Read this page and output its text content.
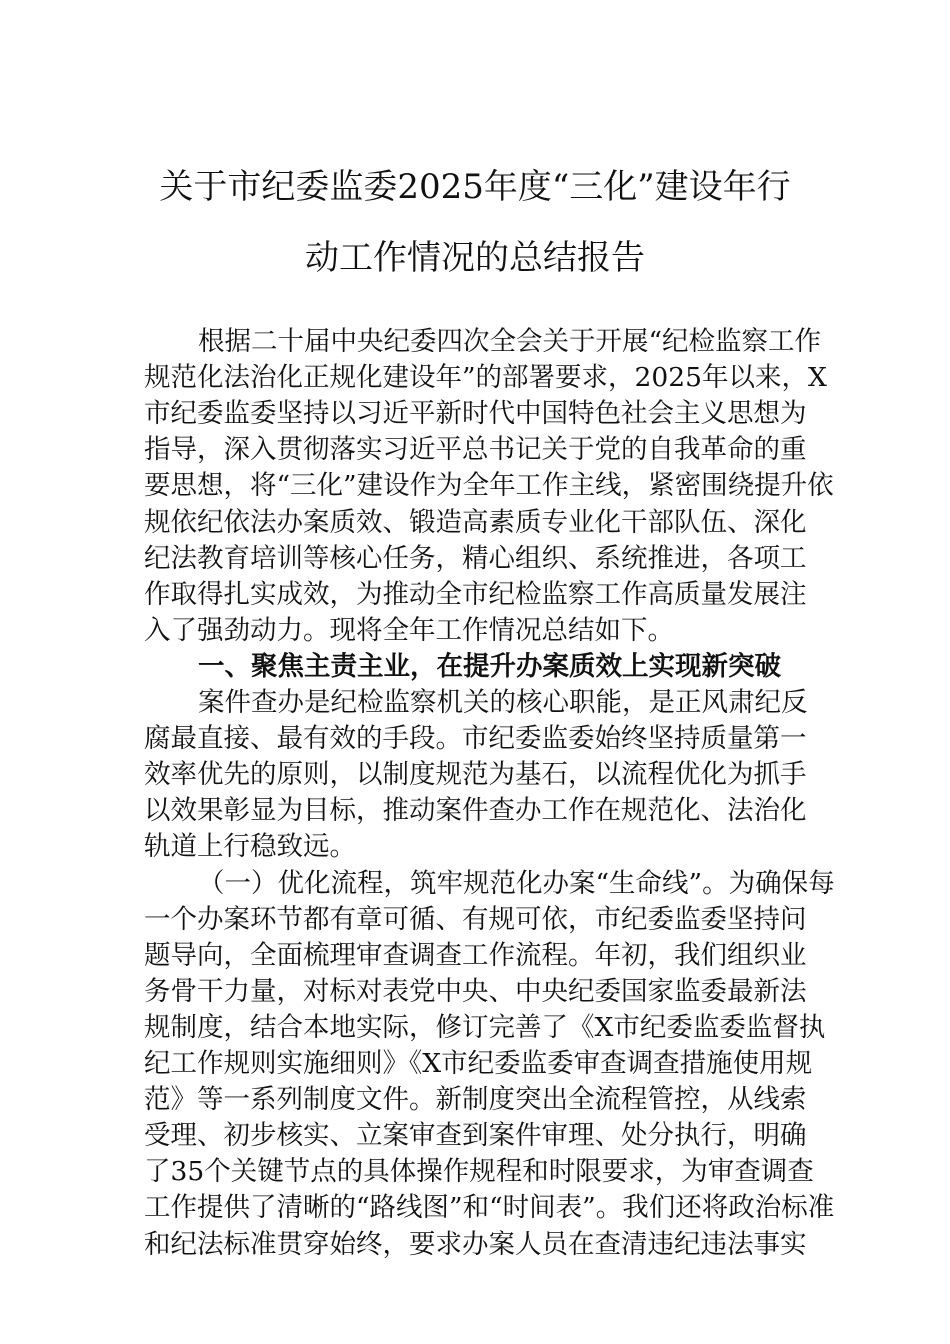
关于市纪委监委2025年度“三化”建设年行
动工作情况的总结报告
根据二十届中央纪委四次全会关于开展“纪检监察工作
规范化法治化正规化建设年”的部署要求，2025年以来，X
市纪委监委坚持以习近平新时代中国特色社会主义思想为
指导，深入贯彻落实习近平总书记关于党的自我革命的重
要思想，将“三化”建设作为全年工作主线，紧密围绕提升依
规依纪依法办案质效、锻造高素质专业化干部队伍、深化
纪法教育培训等核心任务，精心组织、系统推进，各项工
作取得扎实成效，为推动全市纪检监察工作高质量发展注
入了强劲动力。现将全年工作情况总结如下。
一、聚焦主责主业，在提升办案质效上实现新突破
案件查办是纪检监察机关的核心职能，是正风肃纪反
腐最直接、最有效的手段。市纪委监委始终坚持质量第一
效率优先的原则，以制度规范为基石，以流程优化为抓手
以效果彰显为目标，推动案件查办工作在规范化、法治化
轨道上行稳致远。
（一）优化流程，筑牢规范化办案“生命线”。为确保每
一个办案环节都有章可循、有规可依，市纪委监委坚持问
题导向，全面梳理审查调查工作流程。年初，我们组织业
务骨干力量，对标对表党中央、中央纪委国家监委最新法
规制度，结合本地实际，修订完善了《X市纪委监委监督执
纪工作规则实施细则》《X市纪委监委审查调查措施使用规
范》等一系列制度文件。新制度突出全流程管控，从线索
受理、初步核实、立案审查到案件审理、处分执行，明确
了35个关键节点的具体操作规程和时限要求，为审查调查
工作提供了清晰的“路线图”和“时间表”。我们还将政治标准
和纪法标准贯穿始终，要求办案人员在查清违纪违法事实
